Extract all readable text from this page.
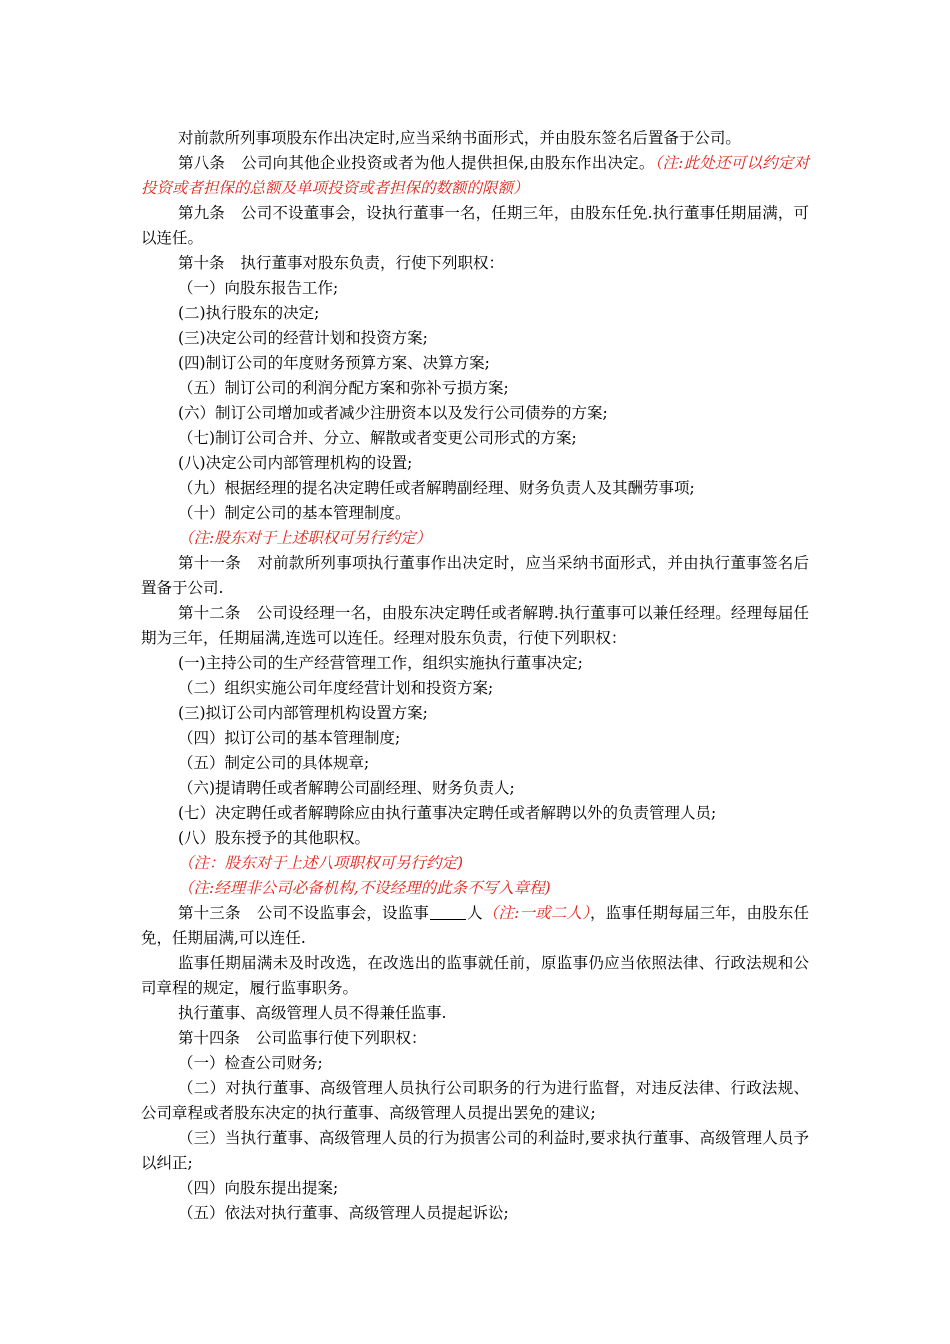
对前款所列事项股东作出决定时,应当采纳书面形式，并由股东签名后置备于公司。

第八条 公司向其他企业投资或者为他人提供担保,由股东作出决定。（注:此处还可以约定对投资或者担保的总额及单项投资或者担保的数额的限额）

第九条 公司不设董事会，设执行董事一名，任期三年，由股东任免.执行董事任期届满，可以连任。

第十条 执行董事对股东负责，行使下列职权：

（一）向股东报告工作;

(二)执行股东的决定;

(三)决定公司的经营计划和投资方案;

(四)制订公司的年度财务预算方案、决算方案;

（五）制订公司的利润分配方案和弥补亏损方案;

(六）制订公司增加或者减少注册资本以及发行公司债券的方案;

（七)制订公司合并、分立、解散或者变更公司形式的方案;

(八)决定公司内部管理机构的设置;

（九）根据经理的提名决定聘任或者解聘副经理、财务负责人及其酬劳事项;

（十）制定公司的基本管理制度。

（注:股东对于上述职权可另行约定）

第十一条 对前款所列事项执行董事作出决定时，应当采纳书面形式，并由执行董事签名后置备于公司.

第十二条 公司设经理一名，由股东决定聘任或者解聘.执行董事可以兼任经理。经理每届任期为三年，任期届满,连选可以连任。经理对股东负责，行使下列职权：

(一)主持公司的生产经营管理工作，组织实施执行董事决定;

（二）组织实施公司年度经营计划和投资方案;

(三)拟订公司内部管理机构设置方案;

（四）拟订公司的基本管理制度;

（五）制定公司的具体规章;

（六)提请聘任或者解聘公司副经理、财务负责人;

(七）决定聘任或者解聘除应由执行董事决定聘任或者解聘以外的负责管理人员;

(八）股东授予的其他职权。

（注：股东对于上述八项职权可另行约定)

（注:经理非公司必备机构,不设经理的此条不写入章程)

第十三条 公司不设监事会，设监事 人（注:一或二人），监事任期每届三年，由股东任免，任期届满,可以连任.

监事任期届满未及时改选，在改选出的监事就任前，原监事仍应当依照法律、行政法规和公司章程的规定，履行监事职务。

执行董事、高级管理人员不得兼任监事.

第十四条 公司监事行使下列职权：

（一）检查公司财务;

（二）对执行董事、高级管理人员执行公司职务的行为进行监督，对违反法律、行政法规、公司章程或者股东决定的执行董事、高级管理人员提出罢免的建议;

（三）当执行董事、高级管理人员的行为损害公司的利益时,要求执行董事、高级管理人员予以纠正;

（四）向股东提出提案;

（五）依法对执行董事、高级管理人员提起诉讼;
